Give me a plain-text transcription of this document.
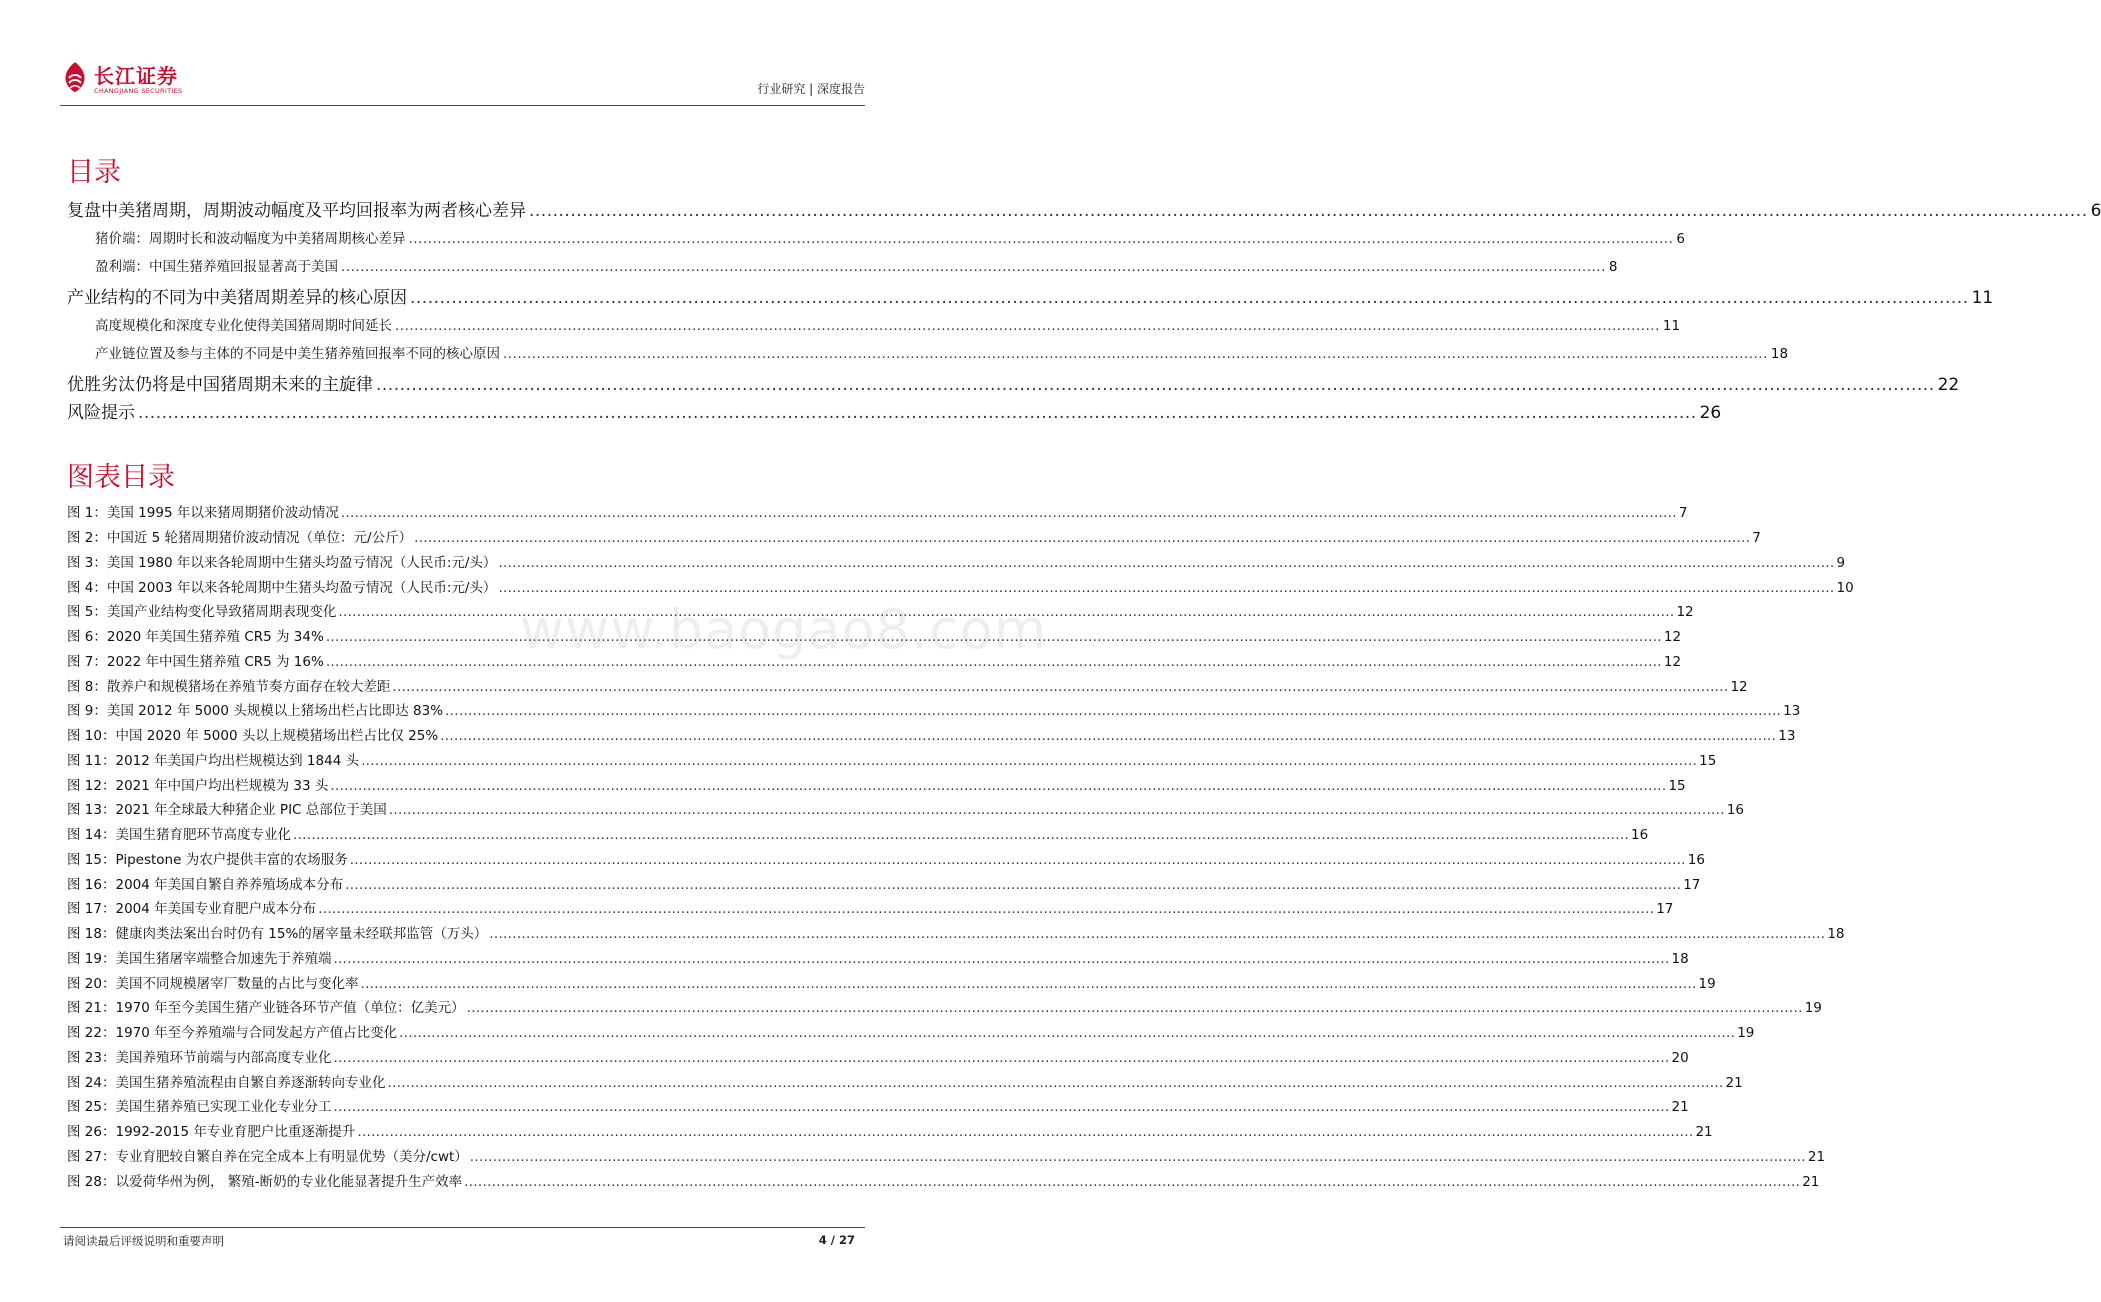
长江证券
CHANGJIANG SECURITIES	行业研究 | 深度报告
目录
复盘中美猪周期，周期波动幅度及平均回报率为两者核心差异 .....	6
猪价端：周期时长和波动幅度为中美猪周期核心差异 .....	6
盈利端：中国生猪养殖回报显著高于美国 .....	8
产业结构的不同为中美猪周期差异的核心原因 .....	11
高度规模化和深度专业化使得美国猪周期时间延长 .....	11
产业链位置及参与主体的不同是中美生猪养殖回报率不同的核心原因 .....	18
优胜劣汰仍将是中国猪周期未来的主旋律 .....	22
风险提示 .....	26
图表目录
图 1： 美国 1995 年以来猪周期猪价波动情况 .....	7
图 2： 中国近 5 轮猪周期猪价波动情况（单位：元/公斤） .....	7
图 3： 美国 1980 年以来各轮周期中生猪头均盈亏情况（人民币:元/头） .....	9
图 4： 中国 2003 年以来各轮周期中生猪头均盈亏情况（人民币:元/头） .....	10
图 5： 美国产业结构变化导致猪周期表现变化 .....	12
图 6： 2020 年美国生猪养殖 CR5 为 34% .....	12
图 7： 2022 年中国生猪养殖 CR5 为 16% .....	12
图 8： 散养户和规模猪场在养殖节奏方面存在较大差距 .....	12
图 9： 美国 2012 年 5000 头规模以上猪场出栏占比即达 83% .....	13
图 10： 中国 2020 年 5000 头以上规模猪场出栏占比仅 25% .....	13
图 11： 2012 年美国户均出栏规模达到 1844 头 .....	15
图 12： 2021 年中国户均出栏规模为 33 头 .....	15
图 13： 2021 年全球最大种猪企业 PIC 总部位于美国 .....	16
图 14： 美国生猪育肥环节高度专业化 .....	16
图 15： Pipestone 为农户提供丰富的农场服务 .....	16
图 16： 2004 年美国自繁自养养殖场成本分布 .....	17
图 17： 2004 年美国专业育肥户成本分布 .....	17
图 18： 健康肉类法案出台时仍有 15%的屠宰量未经联邦监管（万头） .....	18
图 19： 美国生猪屠宰端整合加速先于养殖端 .....	18
图 20： 美国不同规模屠宰厂数量的占比与变化率 .....	19
图 21： 1970 年至今美国生猪产业链各环节产值（单位：亿美元） .....	19
图 22： 1970 年至今养殖端与合同发起方产值占比变化 .....	19
图 23： 美国养殖环节前端与内部高度专业化 .....	20
图 24： 美国生猪养殖流程由自繁自养逐渐转向专业化 .....	21
图 25： 美国生猪养殖已实现工业化专业分工 .....	21
图 26： 1992-2015 年专业育肥户比重逐渐提升 .....	21
图 27： 专业育肥较自繁自养在完全成本上有明显优势（美分/cwt） .....	21
图 28： 以爱荷华州为例， 繁殖-断奶的专业化能显著提升生产效率 .....	21
www.baogao8.com
请阅读最后评级说明和重要声明	4 / 27
